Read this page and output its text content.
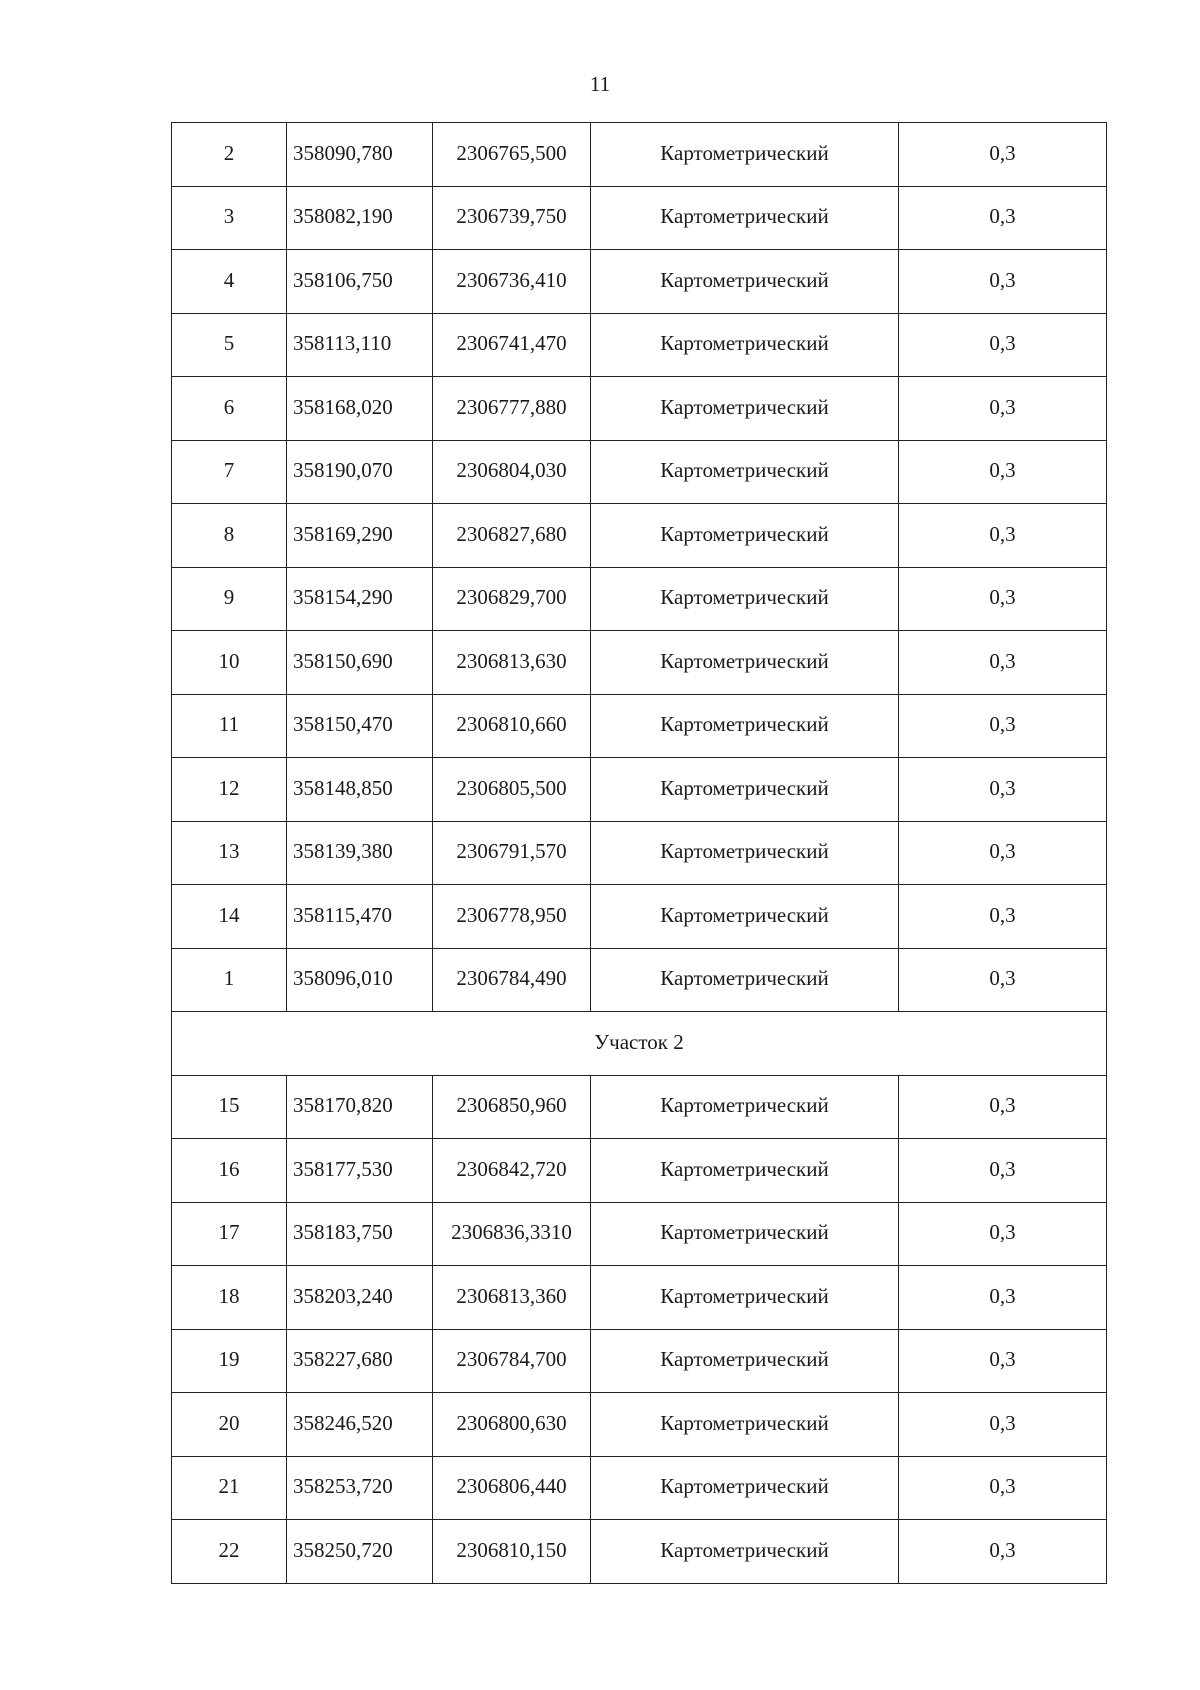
11
2	358090,780	2306765,500	Картометрический	0,3
3	358082,190	2306739,750	Картометрический	0,3
4	358106,750	2306736,410	Картометрический	0,3
5	358113,110	2306741,470	Картометрический	0,3
6	358168,020	2306777,880	Картометрический	0,3
7	358190,070	2306804,030	Картометрический	0,3
8	358169,290	2306827,680	Картометрический	0,3
9	358154,290	2306829,700	Картометрический	0,3
10	358150,690	2306813,630	Картометрический	0,3
11	358150,470	2306810,660	Картометрический	0,3
12	358148,850	2306805,500	Картометрический	0,3
13	358139,380	2306791,570	Картометрический	0,3
14	358115,470	2306778,950	Картометрический	0,3
1	358096,010	2306784,490	Картометрический	0,3
Участок 2				
15	358170,820	2306850,960	Картометрический	0,3
16	358177,530	2306842,720	Картометрический	0,3
17	358183,750	2306836,3310	Картометрический	0,3
18	358203,240	2306813,360	Картометрический	0,3
19	358227,680	2306784,700	Картометрический	0,3
20	358246,520	2306800,630	Картометрический	0,3
21	358253,720	2306806,440	Картометрический	0,3
22	358250,720	2306810,150	Картометрический	0,3
